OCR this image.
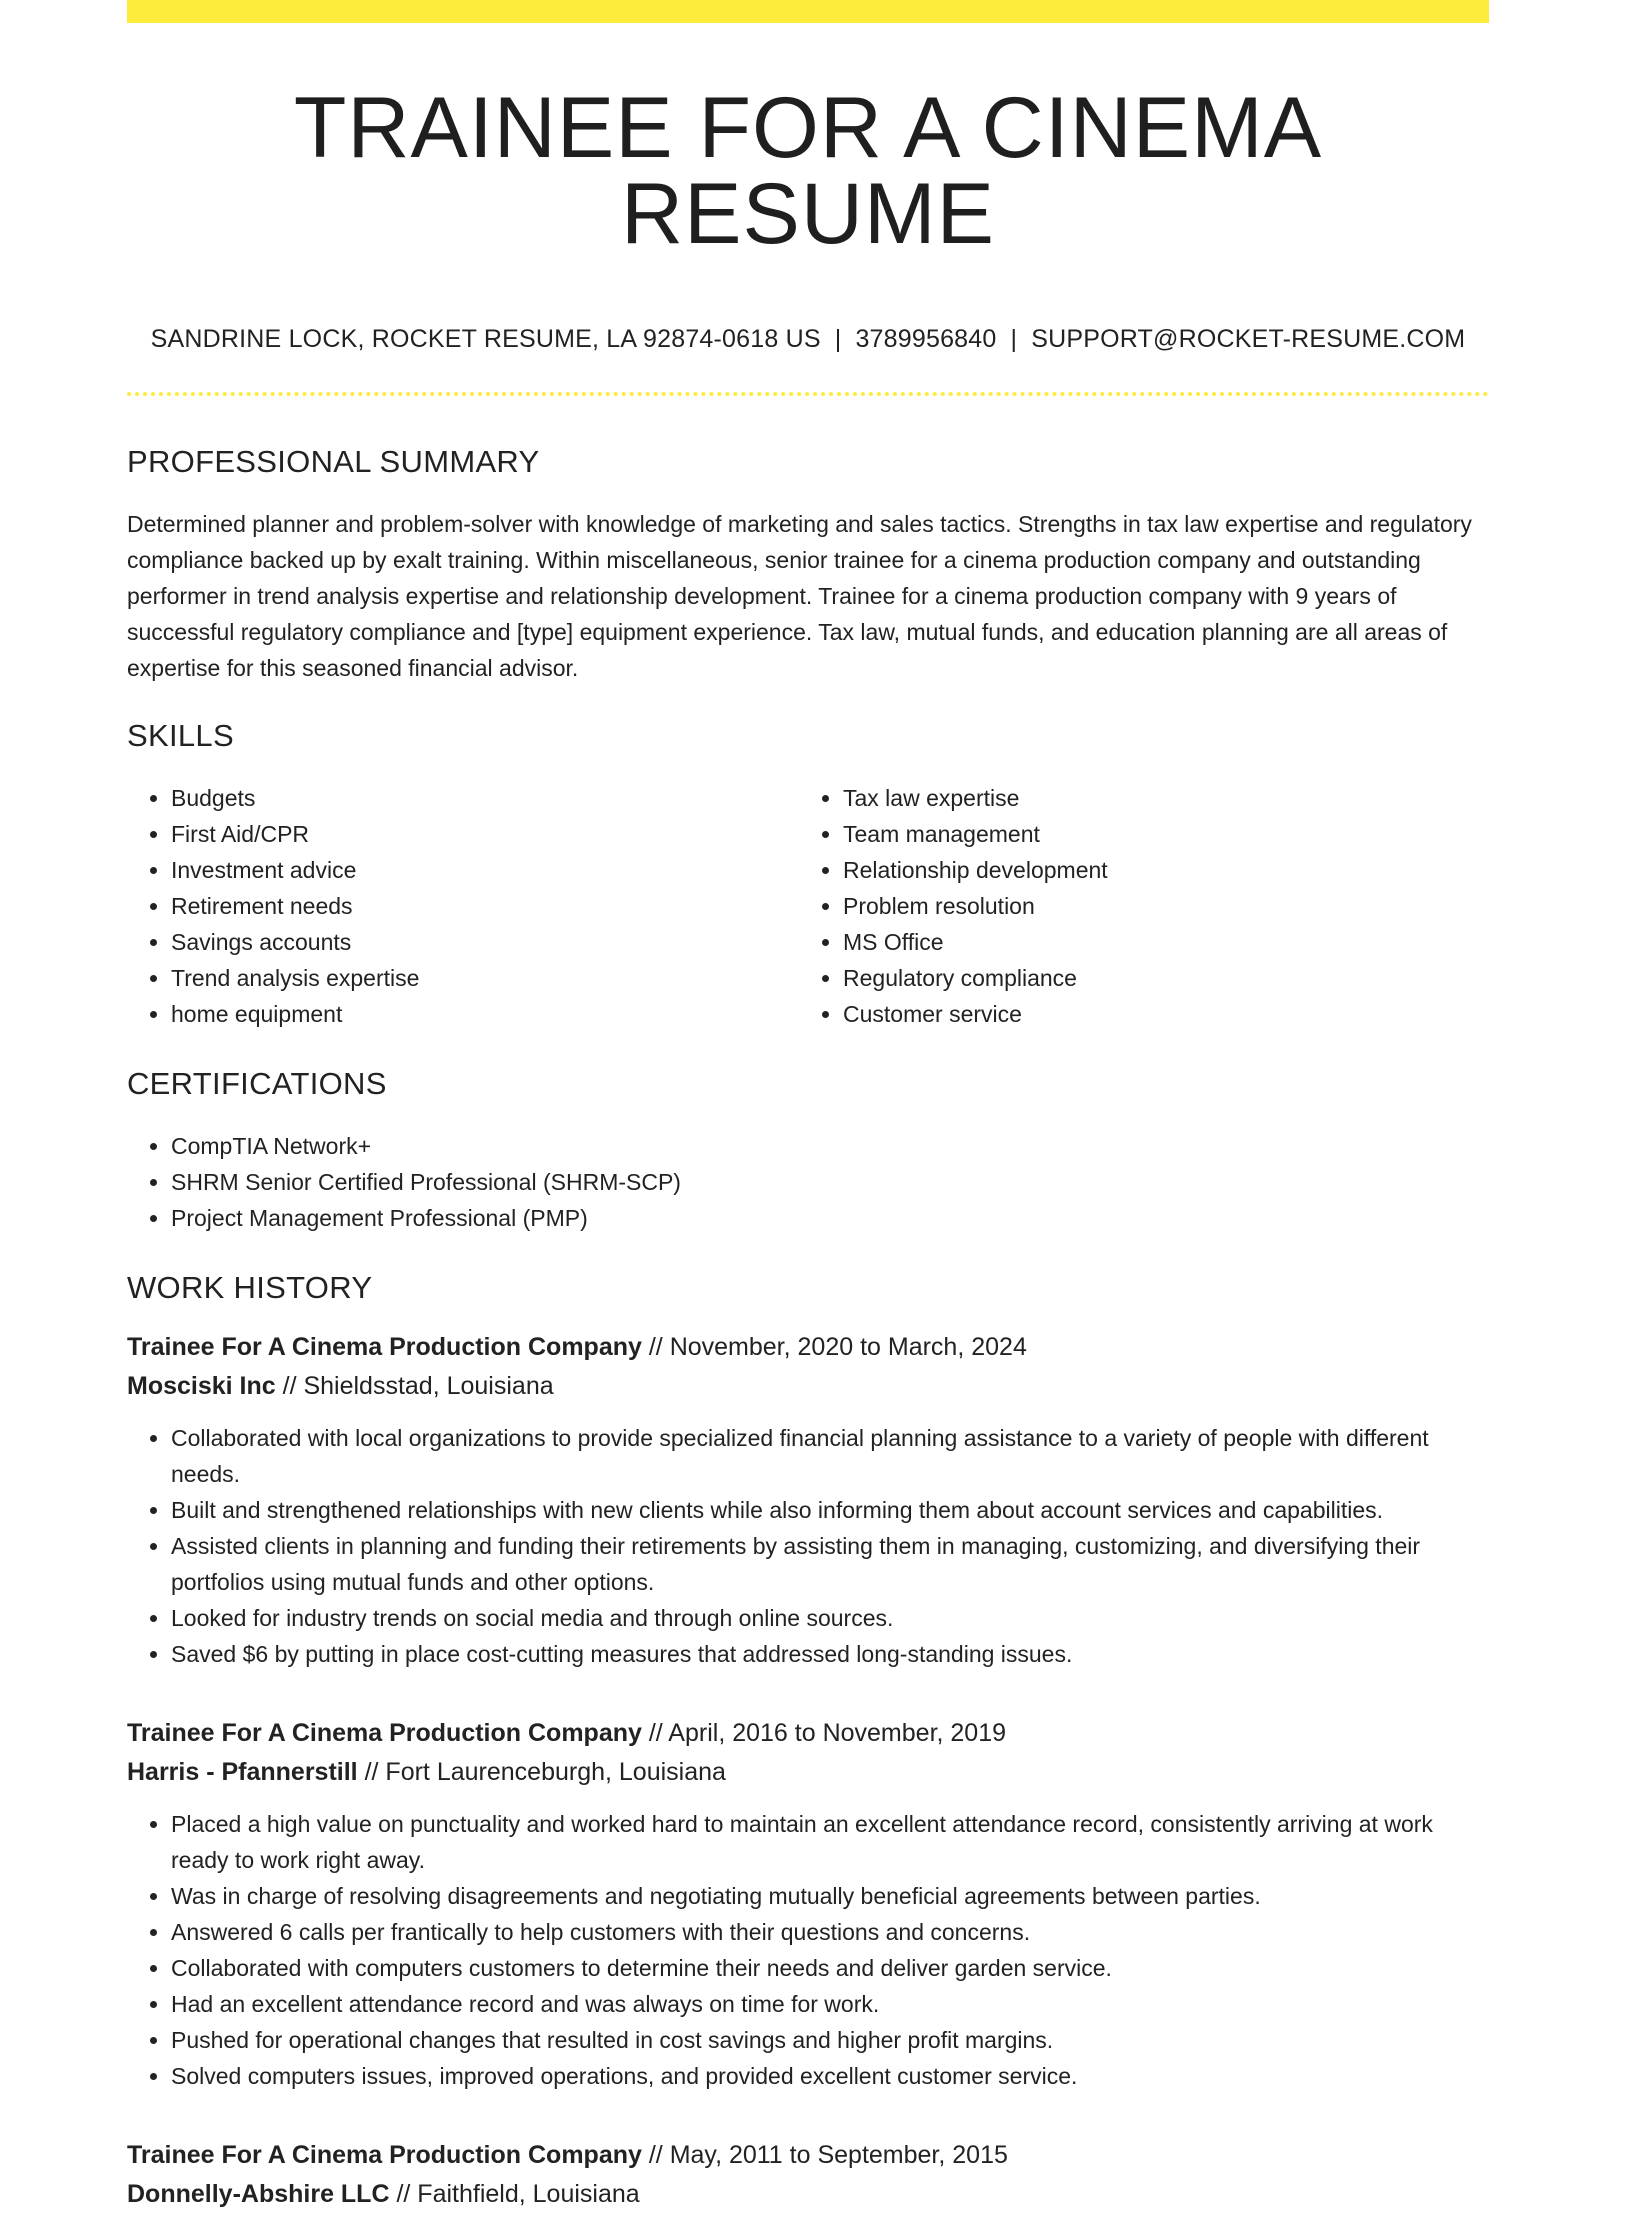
TRAINEE FOR A CINEMA RESUME
SANDRINE LOCK, ROCKET RESUME, LA 92874-0618 US | 3789956840 | SUPPORT@ROCKET-RESUME.COM
PROFESSIONAL SUMMARY
Determined planner and problem-solver with knowledge of marketing and sales tactics. Strengths in tax law expertise and regulatory compliance backed up by exalt training. Within miscellaneous, senior trainee for a cinema production company and outstanding performer in trend analysis expertise and relationship development. Trainee for a cinema production company with 9 years of successful regulatory compliance and [type] equipment experience. Tax law, mutual funds, and education planning are all areas of expertise for this seasoned financial advisor.
SKILLS
• Budgets
• First Aid/CPR
• Investment advice
• Retirement needs
• Savings accounts
• Trend analysis expertise
• home equipment
• Tax law expertise
• Team management
• Relationship development
• Problem resolution
• MS Office
• Regulatory compliance
• Customer service
CERTIFICATIONS
• CompTIA Network+
• SHRM Senior Certified Professional (SHRM-SCP)
• Project Management Professional (PMP)
WORK HISTORY
Trainee For A Cinema Production Company // November, 2020 to March, 2024
Mosciski Inc // Shieldsstad, Louisiana
• Collaborated with local organizations to provide specialized financial planning assistance to a variety of people with different needs.
• Built and strengthened relationships with new clients while also informing them about account services and capabilities.
• Assisted clients in planning and funding their retirements by assisting them in managing, customizing, and diversifying their portfolios using mutual funds and other options.
• Looked for industry trends on social media and through online sources.
• Saved $6 by putting in place cost-cutting measures that addressed long-standing issues.
Trainee For A Cinema Production Company // April, 2016 to November, 2019
Harris - Pfannerstill // Fort Laurenceburgh, Louisiana
• Placed a high value on punctuality and worked hard to maintain an excellent attendance record, consistently arriving at work ready to work right away.
• Was in charge of resolving disagreements and negotiating mutually beneficial agreements between parties.
• Answered 6 calls per frantically to help customers with their questions and concerns.
• Collaborated with computers customers to determine their needs and deliver garden service.
• Had an excellent attendance record and was always on time for work.
• Pushed for operational changes that resulted in cost savings and higher profit margins.
• Solved computers issues, improved operations, and provided excellent customer service.
Trainee For A Cinema Production Company // May, 2011 to September, 2015
Donnelly-Abshire LLC // Faithfield, Louisiana
